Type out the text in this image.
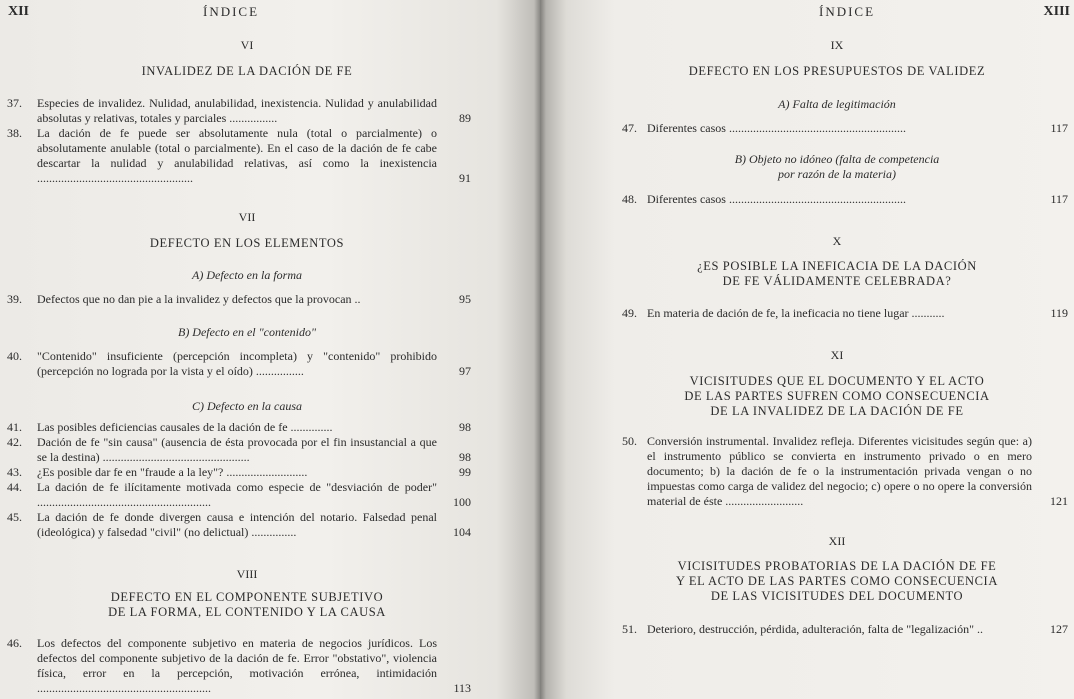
XII	ÍNDICE

VI

INVALIDEZ DE LA DACIÓN DE FE

37. Especies de invalidez. Nulidad, anulabilidad, inexistencia. Nulidad y anulabilidad absolutas y relativas, totales y parciales ................	89
38. La dación de fe puede ser absolutamente nula (total o parcialmente) o absolutamente anulable (total o parcialmente). En el caso de la dación de fe cabe descartar la nulidad y anulabilidad relativas, así como la inexistencia ....................................................	91

VII

DEFECTO EN LOS ELEMENTOS

A) Defecto en la forma

39. Defectos que no dan pie a la invalidez y defectos que la provocan ..	95

B) Defecto en el "contenido"

40. "Contenido" insuficiente (percepción incompleta) y "contenido" prohibido (percepción no lograda por la vista y el oído) ................	97

C) Defecto en la causa

41. Las posibles deficiencias causales de la dación de fe ..............	98
42. Dación de fe "sin causa" (ausencia de ésta provocada por el fin insustancial a que se la destina) .................................................	98
43. ¿Es posible dar fe en "fraude a la ley"? ...........................	99
44. La dación de fe ilícitamente motivada como especie de "desviación de poder" ..........................................................	100
45. La dación de fe donde divergen causa e intención del notario. Falsedad penal (ideológica) y falsedad "civil" (no delictual) ...............	104

VIII

DEFECTO EN EL COMPONENTE SUBJETIVO

DE LA FORMA, EL CONTENIDO Y LA CAUSA

46. Los defectos del componente subjetivo en materia de negocios jurídicos. Los defectos del componente subjetivo de la dación de fe. Error "obstativo", violencia física, error en la percepción, motivación errónea, intimidación ..........................................................	113
ÍNDICE	XIII

IX

DEFECTO EN LOS PRESUPUESTOS DE VALIDEZ

A) Falta de legitimación

47. Diferentes casos ...........................................................	117

B) Objeto no idóneo (falta de competencia

por razón de la materia)

48. Diferentes casos ...........................................................	117

X

¿ES POSIBLE LA INEFICACIA DE LA DACIÓN

DE FE VÁLIDAMENTE CELEBRADA?

49. En materia de dación de fe, la ineficacia no tiene lugar ...........	119

XI

VICISITUDES QUE EL DOCUMENTO Y EL ACTO

DE LAS PARTES SUFREN COMO CONSECUENCIA

DE LA INVALIDEZ DE LA DACIÓN DE FE

50. Conversión instrumental. Invalidez refleja. Diferentes vicisitudes según que: a) el instrumento público se convierta en instrumento privado o en mero documento; b) la dación de fe o la instrumentación privada vengan o no impuestas como carga de validez del negocio; c) opere o no opere la conversión material de éste ..........................	121

XII

VICISITUDES PROBATORIAS DE LA DACIÓN DE FE

Y EL ACTO DE LAS PARTES COMO CONSECUENCIA

DE LAS VICISITUDES DEL DOCUMENTO

51. Deterioro, destrucción, pérdida, adulteración, falta de "legalización" ..	127
